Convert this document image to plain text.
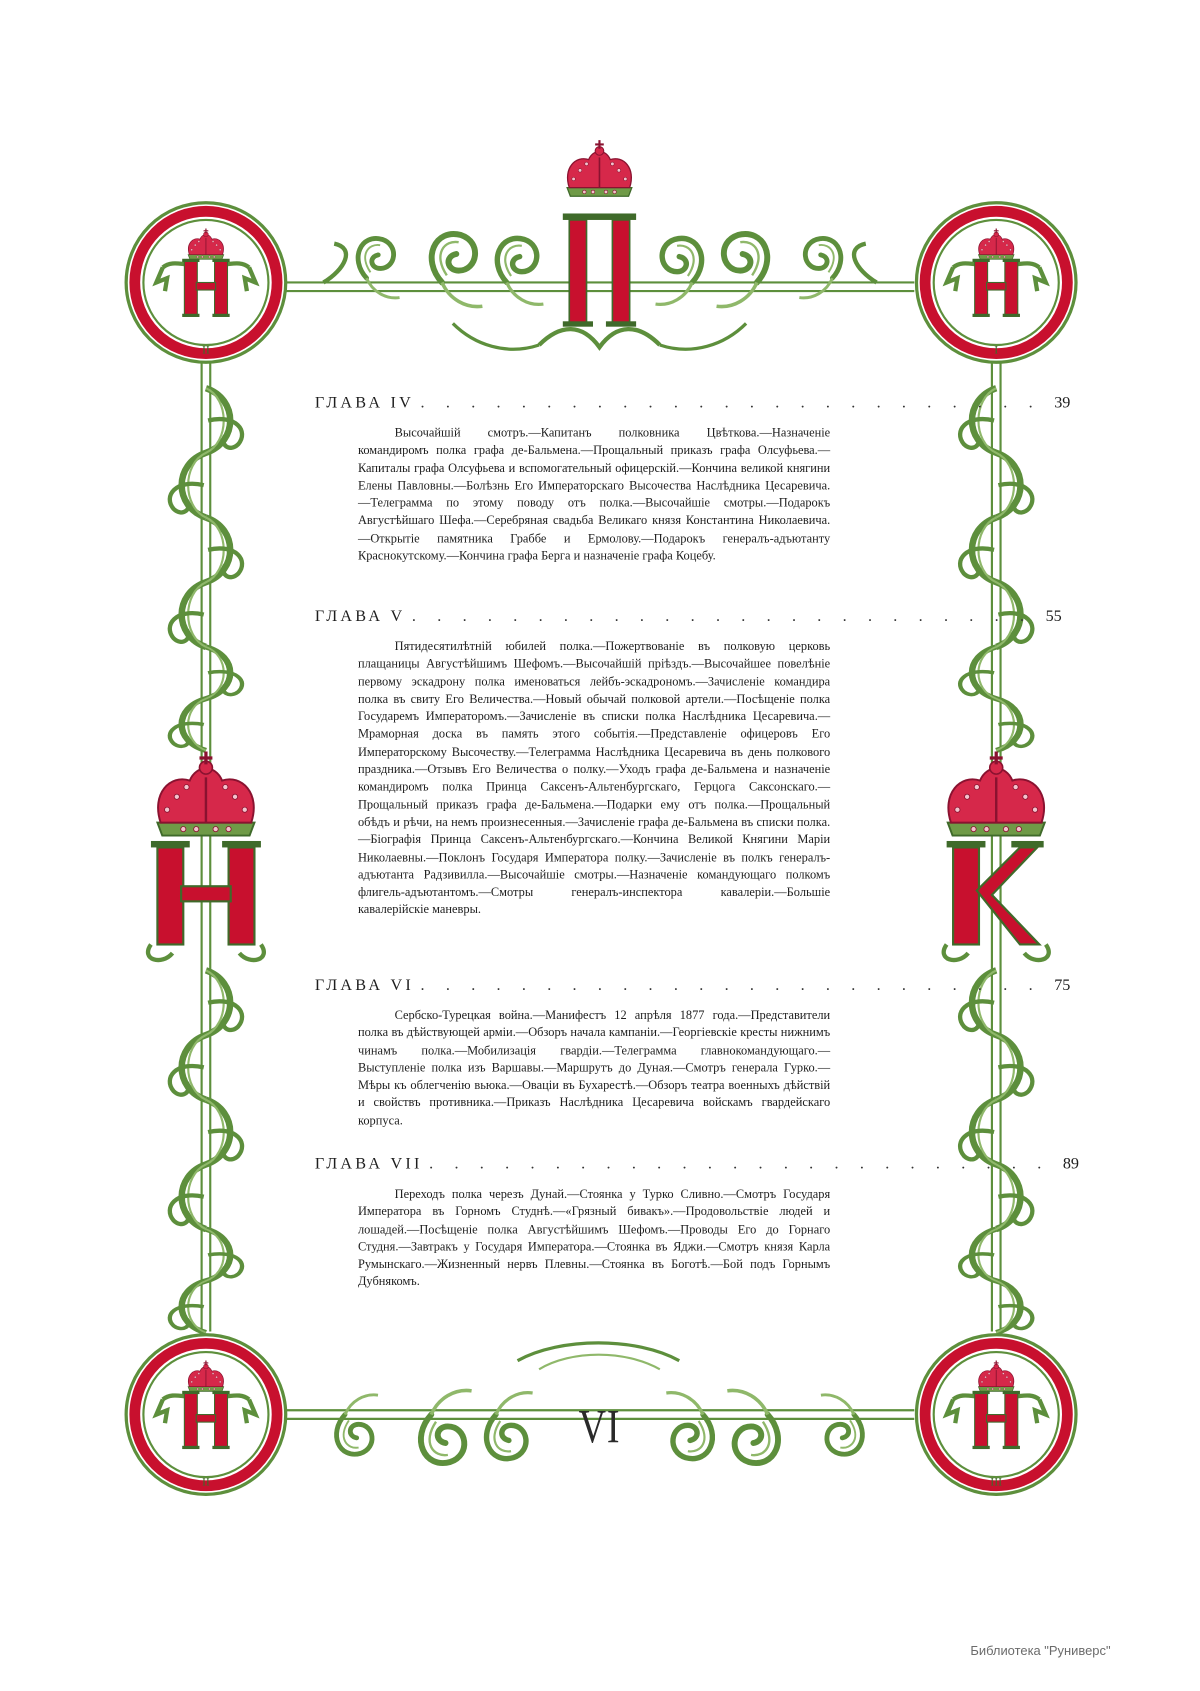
II	I
II	III
ГЛАВА IV . . . . . . . . . . . . . . . . . . . . . . . . . 39
Высочайшій смотръ.—Капитанъ полковника Цвѣткова.—Назначеніе командиромъ полка графа де-Бальмена.—Прощальный приказъ графа Олсуфьева.—Капиталы графа Олсуфьева и вспомогательный офицерскій.—Кончина великой княгини Елены Павловны.—Болѣзнь Его Императорскаго Высочества Наслѣдника Цесаревича.—Телеграмма по этому поводу отъ полка.—Высочайшіе смотры.—Подарокъ Августѣйшаго Шефа.—Серебряная свадьба Великаго князя Константина Николаевича.—Открытіе памятника Граббе и Ермолову.—Подарокъ генералъ-адъютанту Краснокутскому.—Кончина графа Берга и назначеніе графа Коцебу.
ГЛАВА V . . . . . . . . . . . . . . . . . . . . . . . . . 55
Пятидесятилѣтній юбилей полка.—Пожертвованіе въ полковую церковь плащаницы Августѣйшимъ Шефомъ.—Высочайшій пріѣздъ.—Высочайшее повелѣніе первому эскадрону полка именоваться лейбъ-эскадрономъ.—Зачисленіе командира полка въ свиту Его Величества.—Новый обычай полковой артели.—Посѣщеніе полка Государемъ Императоромъ.—Зачисленіе въ списки полка Наслѣдника Цесаревича.—Мраморная доска въ память этого событія.—Представленіе офицеровъ Его Императорскому Высочеству.—Телеграмма Наслѣдника Цесаревича въ день полкового праздника.—Отзывъ Его Величества о полку.—Уходъ графа де-Бальмена и назначеніе командиромъ полка Принца Саксенъ-Альтенбургскаго, Герцога Саксонскаго.—Прощальный приказъ графа де-Бальмена.—Подарки ему отъ полка.—Прощальный обѣдъ и рѣчи, на немъ произнесенныя.—Зачисленіе графа де-Бальмена въ списки полка.—Біографія Принца Саксенъ-Альтенбургскаго.—Кончина Великой Княгини Маріи Николаевны.—Поклонъ Государя Императора полку.—Зачисленіе въ полкъ генералъ-адъютанта Радзивилла.—Высочайшіе смотры.—Назначеніе командующаго полкомъ флигель-адъютантомъ.—Смотры генералъ-инспектора кавалеріи.—Большіе кавалерійскіе маневры.
ГЛАВА VI . . . . . . . . . . . . . . . . . . . . . . . . . 75
Сербско-Турецкая война.—Манифестъ 12 апрѣля 1877 года.—Представители полка въ дѣйствующей арміи.—Обзоръ начала кампаніи.—Георгіевскіе кресты нижнимъ чинамъ полка.—Мобилизація гвардіи.—Телеграмма главнокомандующаго.—Выступленіе полка изъ Варшавы.—Маршрутъ до Дуная.—Смотръ генерала Гурко.—Мѣры къ облегченію вьюка.—Оваціи въ Бухарестѣ.—Обзоръ театра военныхъ дѣйствій и свойствъ противника.—Приказъ Наслѣдника Цесаревича войскамъ гвардейскаго корпуса.
ГЛАВА VII . . . . . . . . . . . . . . . . . . . . . . . . . 89
Переходъ полка черезъ Дунай.—Стоянка у Турко Сливно.—Смотръ Государя Императора въ Горномъ Студнѣ.—«Грязный бивакъ».—Продовольствіе людей и лошадей.—Посѣщеніе полка Августѣйшимъ Шефомъ.—Проводы Его до Горнаго Студня.—Завтракъ у Государя Императора.—Стоянка въ Яджи.—Смотръ князя Карла Румынскаго.—Жизненный нервъ Плевны.—Стоянка въ Боготѣ.—Бой подъ Горнымъ Дубнякомъ.
VI
Библиотека "Руниверс"
